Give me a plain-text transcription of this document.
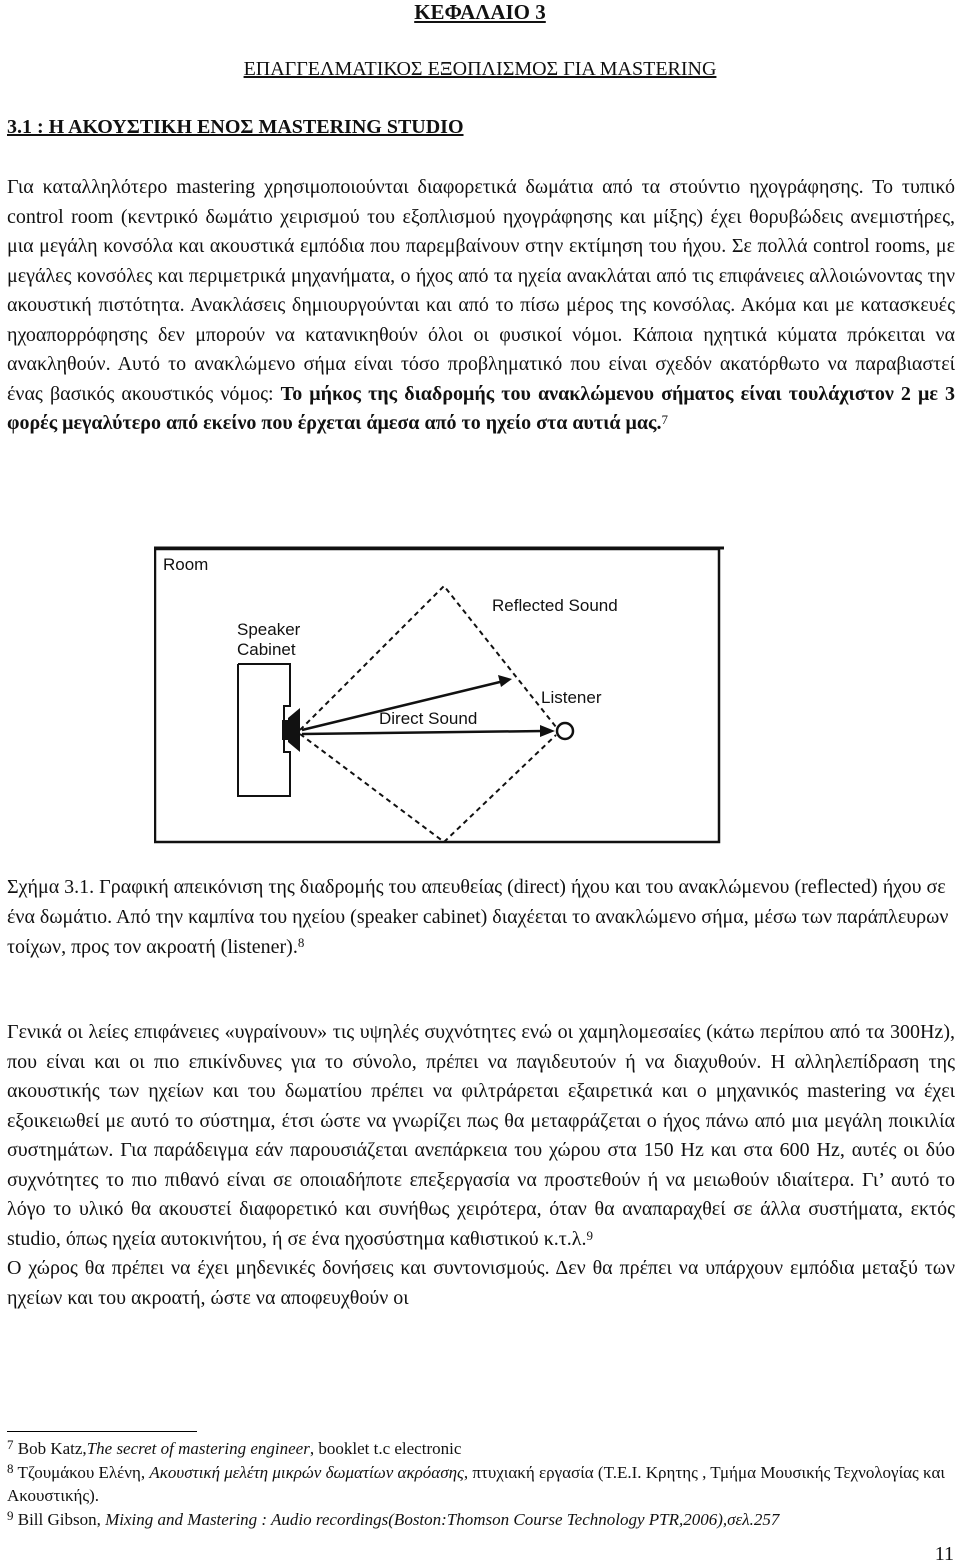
ΚΕΦΑΛΑΙΟ 3
ΕΠΑΓΓΕΛΜΑΤΙΚΟΣ ΕΞΟΠΛΙΣΜΟΣ ΓΙΑ MASTERING
3.1 : Η ΑΚΟΥΣΤΙΚΗ ΕΝΟΣ MASTERING STUDIO
Για καταλληλότερο mastering χρησιμοποιούνται διαφορετικά δωμάτια από τα στούντιο ηχογράφησης. Το τυπικό control room (κεντρικό δωμάτιο χειρισμού του εξοπλισμού ηχογράφησης και μίξης) έχει θορυβώδεις ανεμιστήρες, μια μεγάλη κονσόλα και ακουστικά εμπόδια που παρεμβαίνουν στην εκτίμηση του ήχου. Σε πολλά control rooms, με μεγάλες κονσόλες και περιμετρικά μηχανήματα, ο ήχος από τα ηχεία ανακλάται από τις επιφάνειες αλλοιώνοντας την ακουστική πιστότητα. Ανακλάσεις δημιουργούνται και από το πίσω μέρος της κονσόλας. Ακόμα και με κατασκευές ηχοαπορρόφησης δεν μπορούν να κατανικηθούν όλοι οι φυσικοί νόμοι. Κάποια ηχητικά κύματα πρόκειται να ανακληθούν. Αυτό το ανακλώμενο σήμα είναι τόσο προβληματικό που είναι σχεδόν ακατόρθωτο να παραβιαστεί ένας βασικός ακουστικός νόμος: Το μήκος της διαδρομής του ανακλώμενου σήματος είναι τουλάχιστον 2 με 3 φορές μεγαλύτερο από εκείνο που έρχεται άμεσα από το ηχείο στα αυτιά μας.$^7$
Room
Speaker
Cabinet
Reflected Sound
Listener
Direct Sound
Σχήμα 3.1. Γραφική απεικόνιση της διαδρομής του απευθείας (direct) ήχου και του ανακλώμενου (reflected) ήχου σε ένα δωμάτιο. Από την καμπίνα του ηχείου (speaker cabinet) διαχέεται το ανακλώμενο σήμα, μέσω των παράπλευρων τοίχων, προς τον ακροατή (listener).$^8$

Γενικά οι λείες επιφάνειες «υγραίνουν» τις υψηλές συχνότητες ενώ οι χαμηλομεσαίες (κάτω περίπου από τα 300Hz), που είναι και οι πιο επικίνδυνες για το σύνολο, πρέπει να παγιδευτούν ή να διαχυθούν. Η αλληλεπίδραση της ακουστικής των ηχείων και του δωματίου πρέπει να φιλτράρεται εξαιρετικά και ο μηχανικός mastering να έχει εξοικειωθεί με αυτό το σύστημα, έτσι ώστε να γνωρίζει πως θα μεταφράζεται ο ήχος πάνω από μια μεγάλη ποικιλία συστημάτων. Για παράδειγμα εάν παρουσιάζεται ανεπάρκεια του χώρου στα 150 Hz και στα 600 Hz, αυτές οι δύο συχνότητες το πιο πιθανό είναι σε οποιαδήποτε επεξεργασία να προστεθούν ή να μειωθούν ιδιαίτερα. Γι’ αυτό το λόγο το υλικό θα ακουστεί διαφορετικό και συνήθως χειρότερα, όταν θα αναπαραχθεί σε άλλα συστήματα, εκτός studio, όπως ηχεία αυτοκινήτου, ή σε ένα ηχοσύστημα καθιστικού κ.τ.λ.$^9$

Ο χώρος θα πρέπει να έχει μηδενικές δονήσεις και συντονισμούς. Δεν θα πρέπει να υπάρχουν εμπόδια μεταξύ των ηχείων και του ακροατή, ώστε να αποφευχθούν οι

$^7$ Bob Katz,The secret of mastering engineer, booklet t.c electronic

$^8$ Τζουμάκου Ελένη, Ακουστική μελέτη μικρών δωματίων ακρόασης, πτυχιακή εργασία (Τ.Ε.Ι. Κρητης , Τμήμα Μουσικής Τεχνολογίας και Ακουστικής).

$^9$ Bill Gibson, Mixing and Mastering : Audio recordings(Boston:Thomson Course Technology PTR,2006),σελ.257

11
